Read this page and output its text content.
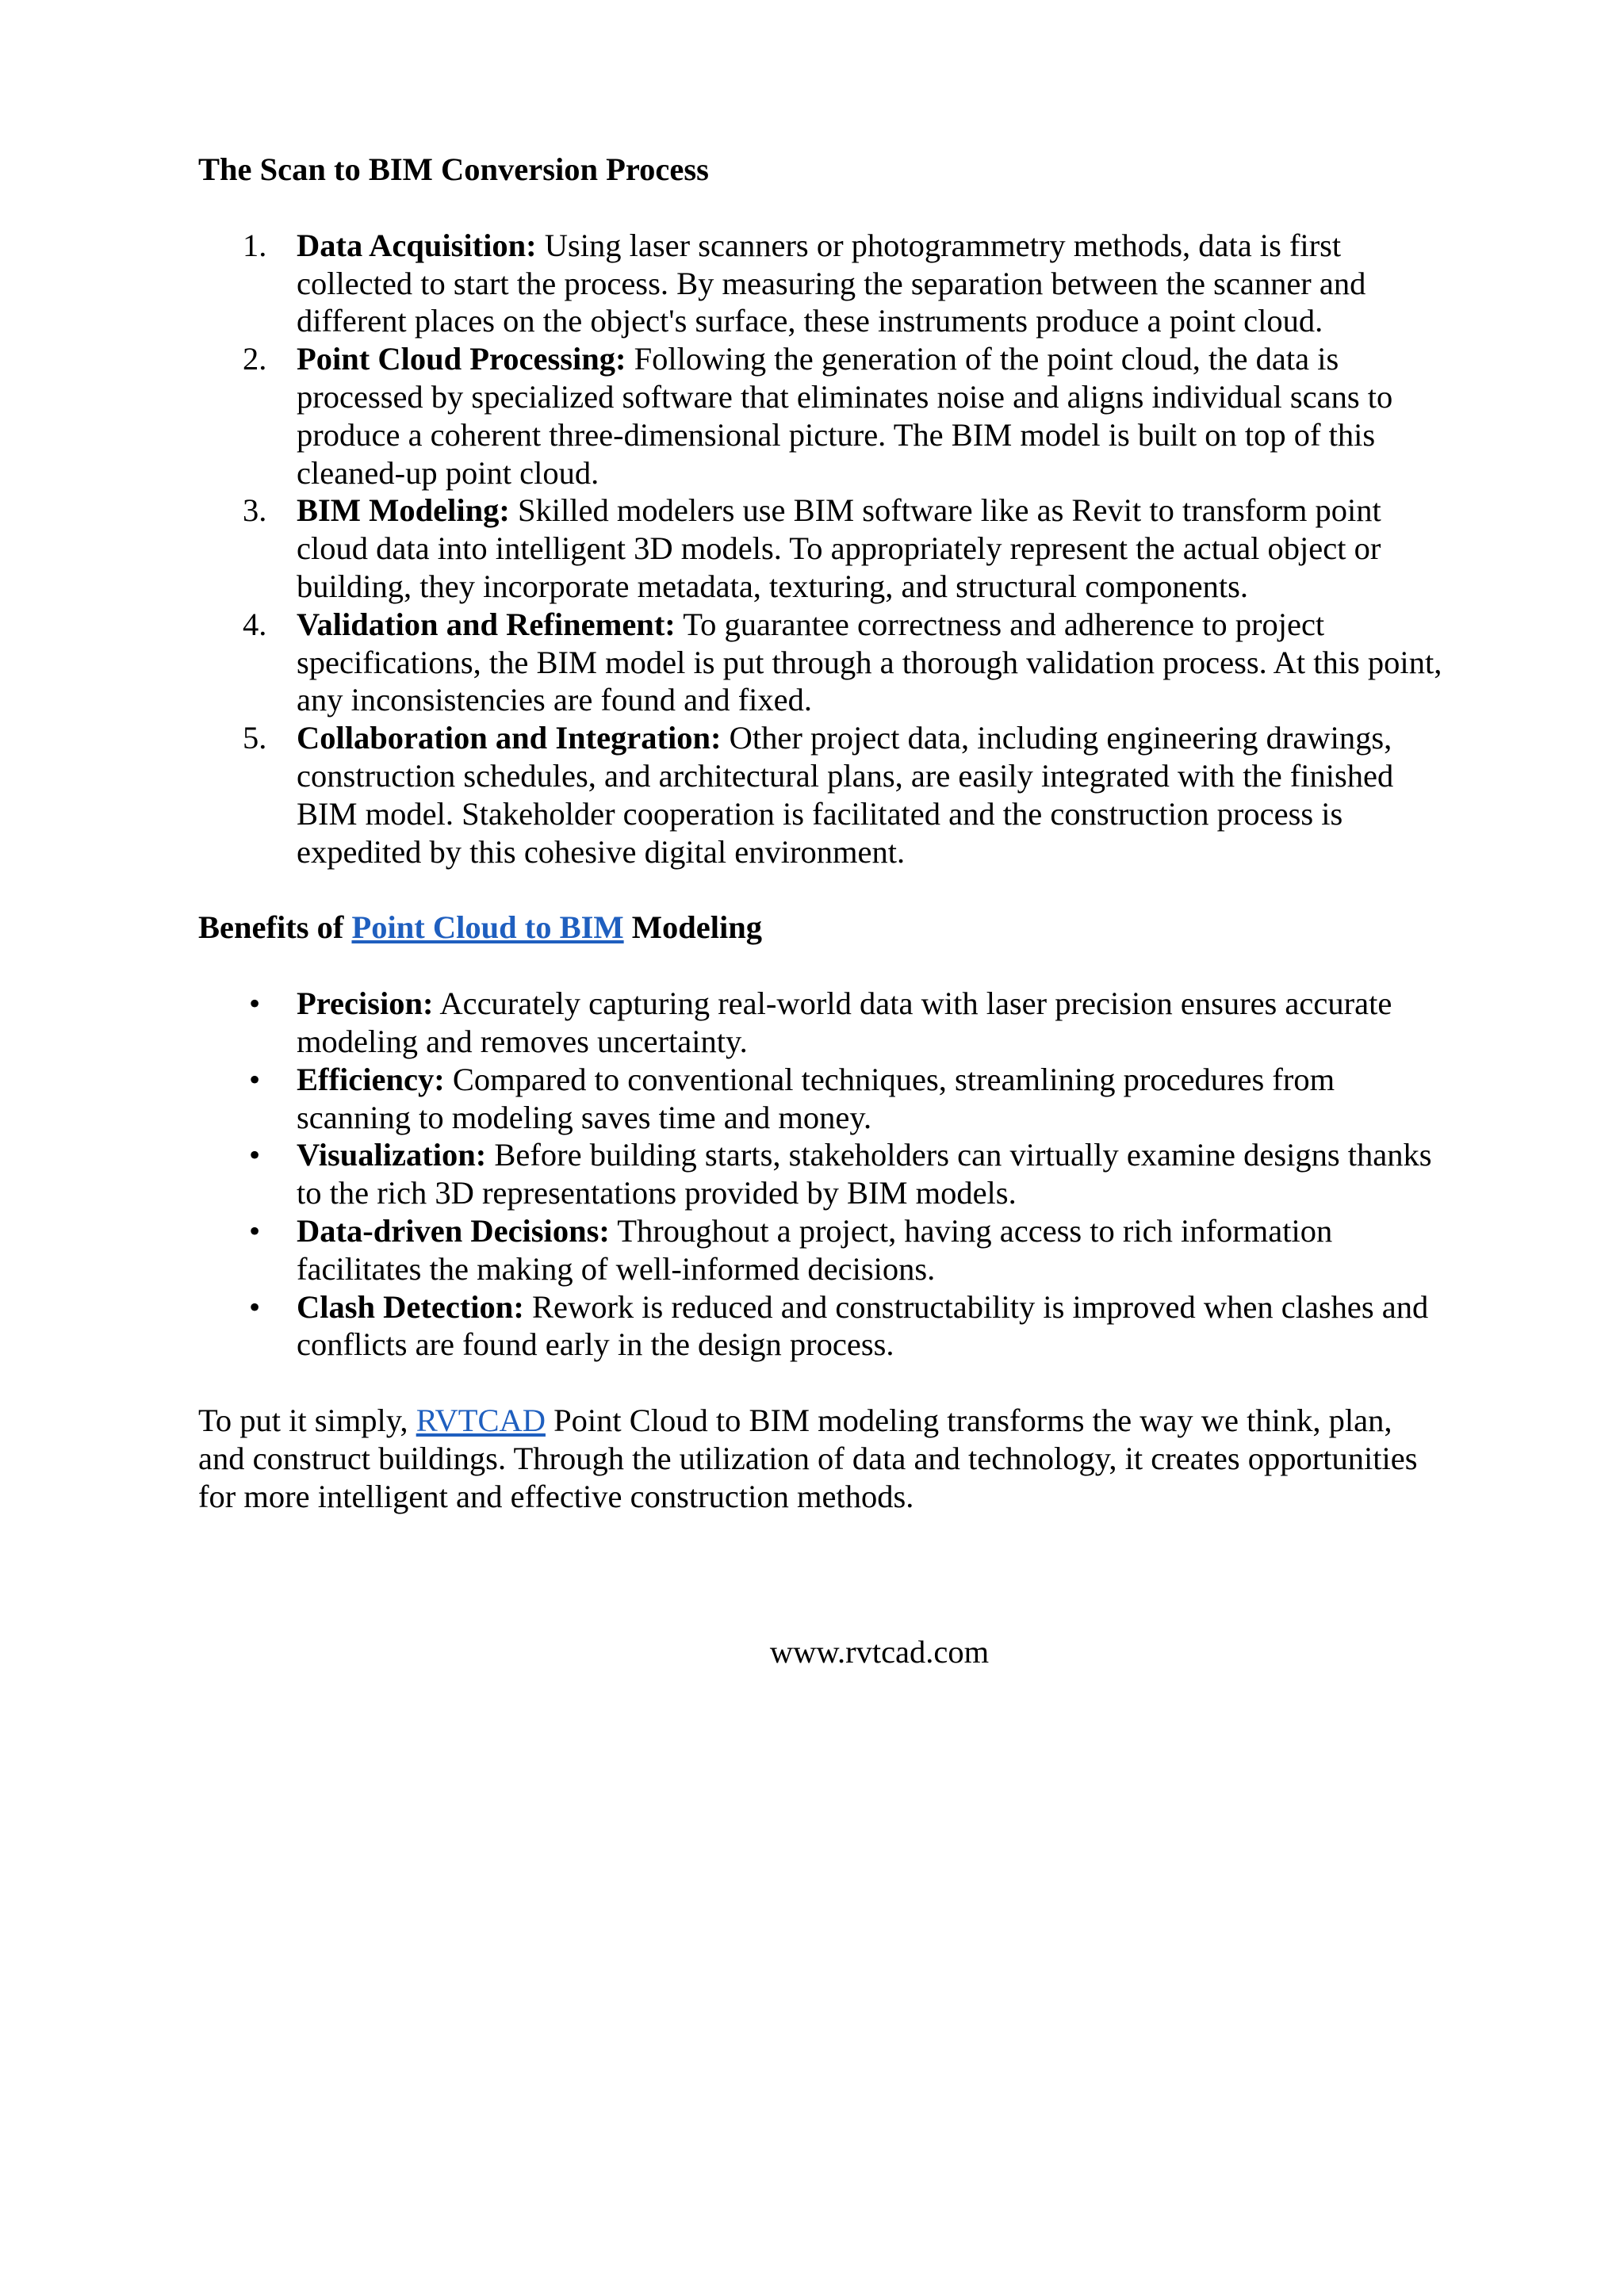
The Scan to BIM Conversion Process

1. Data Acquisition: Using laser scanners or photogrammetry methods, data is first collected to start the process. By measuring the separation between the scanner and different places on the object's surface, these instruments produce a point cloud.
2. Point Cloud Processing: Following the generation of the point cloud, the data is processed by specialized software that eliminates noise and aligns individual scans to produce a coherent three-dimensional picture. The BIM model is built on top of this cleaned-up point cloud.
3. BIM Modeling: Skilled modelers use BIM software like as Revit to transform point cloud data into intelligent 3D models. To appropriately represent the actual object or building, they incorporate metadata, texturing, and structural components.
4. Validation and Refinement: To guarantee correctness and adherence to project specifications, the BIM model is put through a thorough validation process. At this point, any inconsistencies are found and fixed.
5. Collaboration and Integration: Other project data, including engineering drawings, construction schedules, and architectural plans, are easily integrated with the finished BIM model. Stakeholder cooperation is facilitated and the construction process is expedited by this cohesive digital environment.

Benefits of Point Cloud to BIM Modeling

• Precision: Accurately capturing real-world data with laser precision ensures accurate modeling and removes uncertainty.
• Efficiency: Compared to conventional techniques, streamlining procedures from scanning to modeling saves time and money.
• Visualization: Before building starts, stakeholders can virtually examine designs thanks to the rich 3D representations provided by BIM models.
• Data-driven Decisions: Throughout a project, having access to rich information facilitates the making of well-informed decisions.
• Clash Detection: Rework is reduced and constructability is improved when clashes and conflicts are found early in the design process.

To put it simply, RVTCAD Point Cloud to BIM modeling transforms the way we think, plan, and construct buildings. Through the utilization of data and technology, it creates opportunities for more intelligent and effective construction methods.

www.rvtcad.com
